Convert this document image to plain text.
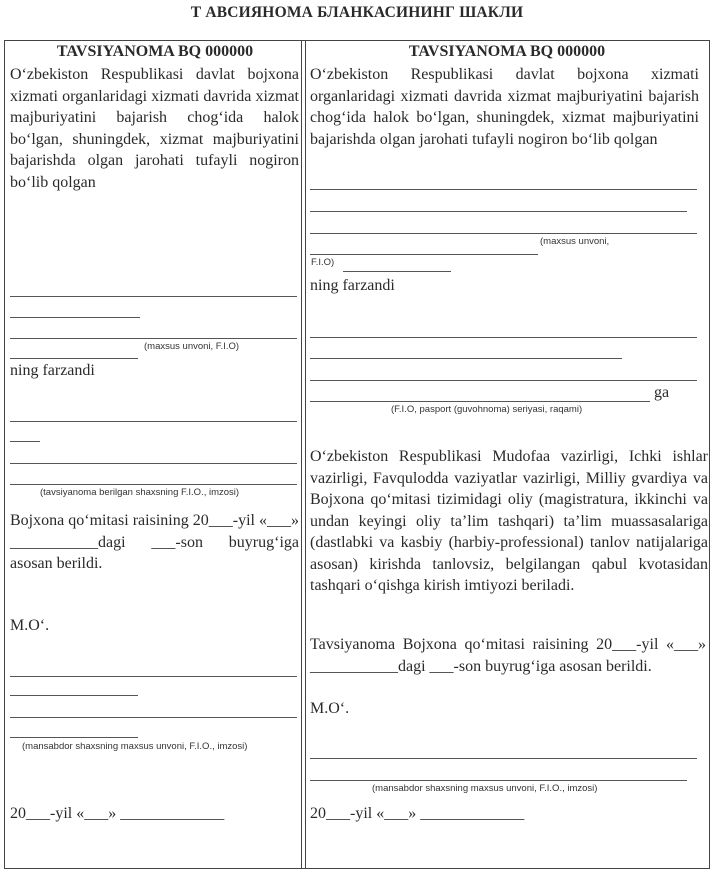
Т АВСИЯНОМА БЛАНКАСИНИНГ ШАКЛИ
TAVSIYANOMA BQ 000000
O‘zbekiston Respublikasi davlat bojxona xizmati organlaridagi xizmati davrida xizmat majburiyatini bajarish chog‘ida halok bo‘lgan, shuningdek, xizmat majburiyatini bajarishda olgan jarohati tufayli nogiron bo‘lib qolgan
(maxsus unvoni, F.I.O)
ning farzandi
(tavsiyanoma berilgan shaxsning F.I.O., imzosi)
Bojxona qo‘mitasi raisining 20___-yil «___» ___________dagi ___-son buyrug‘iga asosan berildi.
M.O‘.
(mansabdor shaxsning maxsus unvoni, F.I.O., imzosi)
20___-yil «___» _____________
TAVSIYANOMA BQ 000000
O‘zbekiston Respublikasi davlat bojxona xizmati organlaridagi xizmati davrida xizmat majburiyatini bajarish chog‘ida halok bo‘lgan, shuningdek, xizmat majburiyatini bajarishda olgan jarohati tufayli nogiron bo‘lib qolgan
(maxsus unvoni,
F.I.O)
ning farzandi
ga
(F.I.O, pasport (guvohnoma) seriyasi, raqami)
O‘zbekiston Respublikasi Mudofaa vazirligi, Ichki ishlar vazirligi, Favqulodda vaziyatlar vazirligi, Milliy gvardiya va Bojxona qo‘mitasi tizimidagi oliy (magistratura, ikkinchi va undan keyingi oliy ta’lim tashqari) ta’lim muassasalariga (dastlabki va kasbiy (harbiy-professional) tanlov natijalariga asosan) kirishda tanlovsiz, belgilangan qabul kvotasidan tashqari o‘qishga kirish imtiyozi beriladi.
Tavsiyanoma Bojxona qo‘mitasi raisining 20___-yil «___» ___________dagi ___-son buyrug‘iga asosan berildi.
M.O‘.
(mansabdor shaxsning maxsus unvoni, F.I.O., imzosi)
20___-yil «___» _____________
